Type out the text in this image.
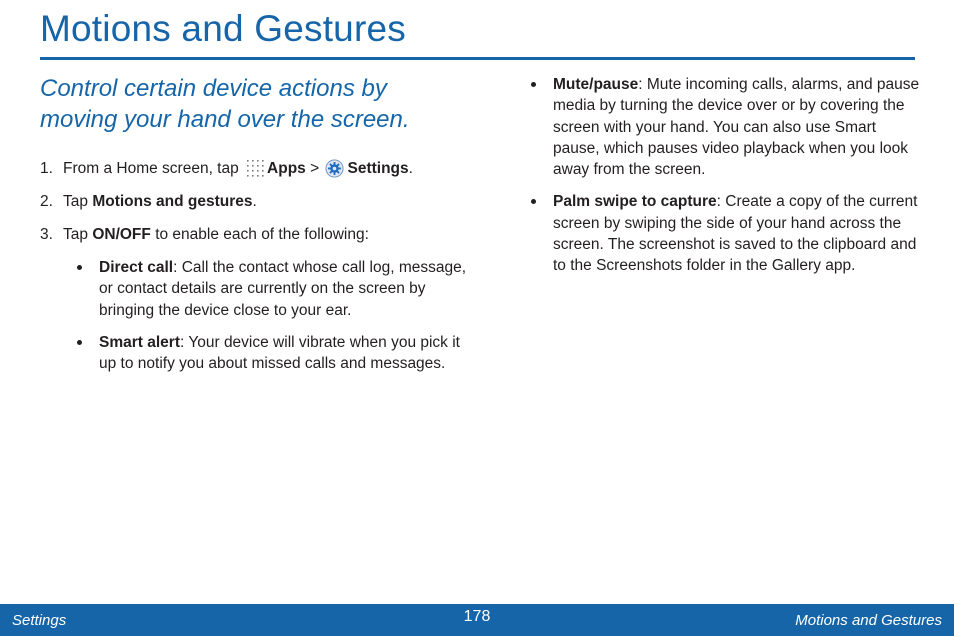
Motions and Gestures

Control certain device actions by moving your hand over the screen.

1. From a Home screen, tap Apps > Settings.
2. Tap Motions and gestures.
3. Tap ON/OFF to enable each of the following:
Direct call: Call the contact whose call log, message, or contact details are currently on the screen by bringing the device close to your ear.
Smart alert: Your device will vibrate when you pick it up to notify you about missed calls and messages.
Mute/pause: Mute incoming calls, alarms, and pause media by turning the device over or by covering the screen with your hand. You can also use Smart pause, which pauses video playback when you look away from the screen.
Palm swipe to capture: Create a copy of the current screen by swiping the side of your hand across the screen. The screenshot is saved to the clipboard and to the Screenshots folder in the Gallery app.
Settings	178	Motions and Gestures
